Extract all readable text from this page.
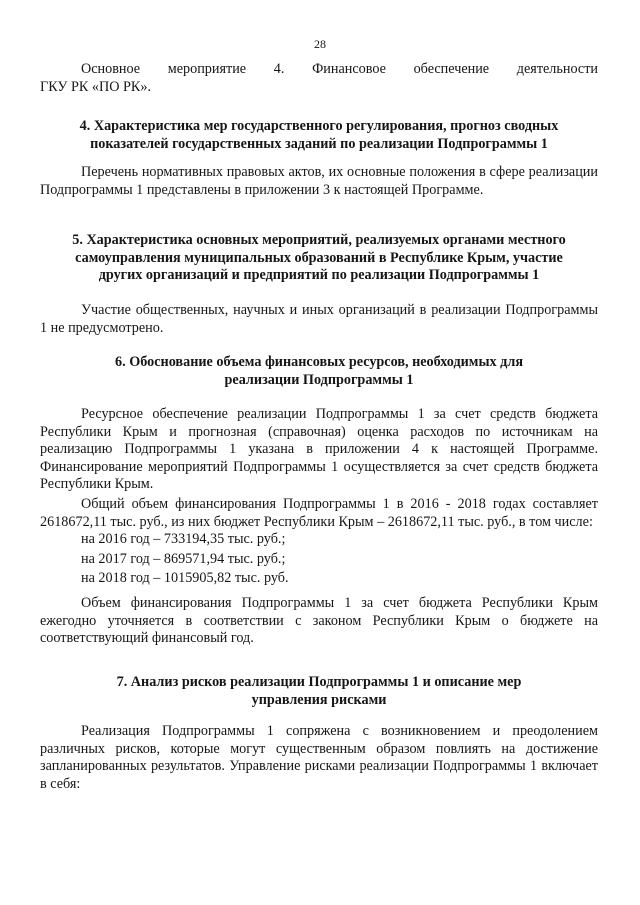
28

Основное мероприятие 4. Финансовое обеспечение деятельности

ГКУ РК «ПО РК».

4. Характеристика мер государственного регулирования, прогноз сводных

показателей государственных заданий по реализации Подпрограммы 1

Перечень нормативных правовых актов, их основные положения в сфере реализации Подпрограммы 1 представлены в приложении 3 к настоящей Программе.

5. Характеристика основных мероприятий, реализуемых органами местного

самоуправления муниципальных образований в Республике Крым, участие

других организаций и предприятий по реализации Подпрограммы 1

Участие общественных, научных и иных организаций в реализации Подпрограммы 1 не предусмотрено.

6. Обоснование объема финансовых ресурсов, необходимых для

реализации Подпрограммы 1

Ресурсное обеспечение реализации Подпрограммы 1 за счет средств бюджета Республики Крым и прогнозная (справочная) оценка расходов по источникам на реализацию Подпрограммы 1 указана в приложении 4 к настоящей Программе. Финансирование мероприятий Подпрограммы 1 осуществляется за счет средств бюджета Республики Крым.

Общий объем финансирования Подпрограммы 1 в 2016 - 2018 годах составляет 2618672,11 тыс. руб., из них бюджет Республики Крым – 2618672,11 тыс. руб., в том числе:

на 2016 год – 733194,35 тыс. руб.;
на 2017 год – 869571,94 тыс. руб.;
на 2018 год – 1015905,82 тыс. руб.

Объем финансирования Подпрограммы 1 за счет бюджета Республики Крым ежегодно уточняется в соответствии с законом Республики Крым о бюджете на соответствующий финансовый год.

7. Анализ рисков реализации Подпрограммы 1 и описание мер

управления рисками

Реализация Подпрограммы 1 сопряжена с возникновением и преодолением различных рисков, которые могут существенным образом повлиять на достижение запланированных результатов. Управление рисками реализации Подпрограммы 1 включает в себя:
